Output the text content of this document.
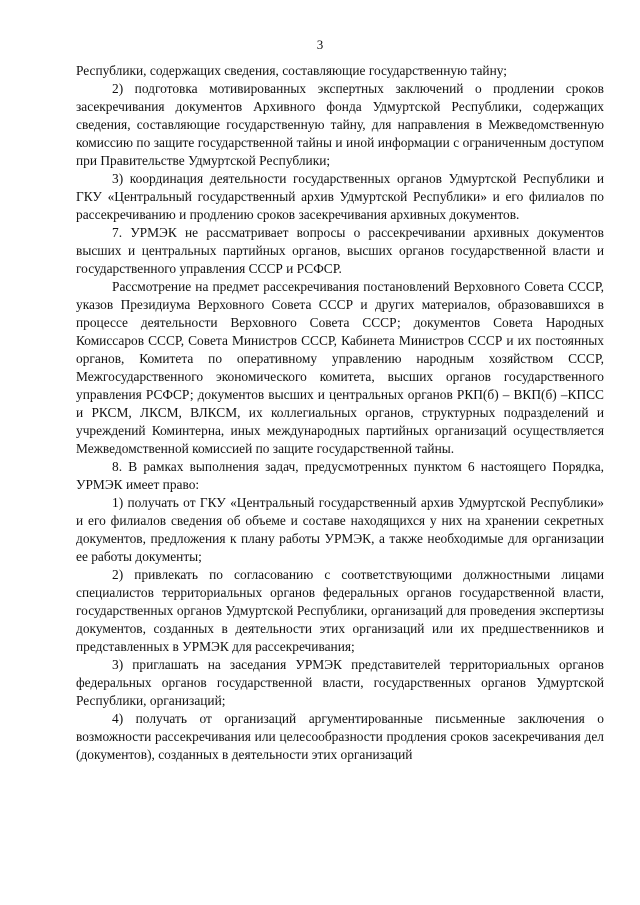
3

Республики, содержащих сведения, составляющие государственную тайну;

2) подготовка мотивированных экспертных заключений о продлении сроков засекречивания документов Архивного фонда Удмуртской Республики, содержащих сведения, составляющие государственную тайну, для направления в Межведомственную комиссию по защите государственной тайны и иной информации с ограниченным доступом при Правительстве Удмуртской Республики;

3) координация деятельности государственных органов Удмуртской Республики и ГКУ «Центральный государственный архив Удмуртской Республики» и его филиалов по рассекречиванию и продлению сроков засекречивания архивных документов.

7. УРМЭК не рассматривает вопросы о рассекречивании архивных документов высших и центральных партийных органов, высших органов государственной власти и государственного управления СССР и РСФСР.

Рассмотрение на предмет рассекречивания постановлений Верховного Совета СССР, указов Президиума Верховного Совета СССР и других материалов, образовавшихся в процессе деятельности Верховного Совета СССР; документов Совета Народных Комиссаров СССР, Совета Министров СССР, Кабинета Министров СССР и их постоянных органов, Комитета по оперативному управлению народным хозяйством СССР, Межгосударственного экономического комитета, высших органов государственного управления РСФСР; документов высших и центральных органов РКП(б) – ВКП(б) –КПСС и РКСМ, ЛКСМ, ВЛКСМ, их коллегиальных органов, структурных подразделений и учреждений Коминтерна, иных международных партийных организаций осуществляется Межведомственной комиссией по защите государственной тайны.

8. В рамках выполнения задач, предусмотренных пунктом 6 настоящего Порядка, УРМЭК имеет право:

1) получать от ГКУ «Центральный государственный архив Удмуртской Республики» и его филиалов сведения об объеме и составе находящихся у них на хранении секретных документов, предложения к плану работы УРМЭК, а также необходимые для организации ее работы документы;

2) привлекать по согласованию с соответствующими должностными лицами специалистов территориальных органов федеральных органов государственной власти, государственных органов Удмуртской Республики, организаций для проведения экспертизы документов, созданных в деятельности этих организаций или их предшественников и представленных в УРМЭК для рассекречивания;

3) приглашать на заседания УРМЭК представителей территориальных органов федеральных органов государственной власти, государственных органов Удмуртской Республики, организаций;

4) получать от организаций аргументированные письменные заключения о возможности рассекречивания или целесообразности продления сроков засекречивания дел (документов), созданных в деятельности этих организаций
